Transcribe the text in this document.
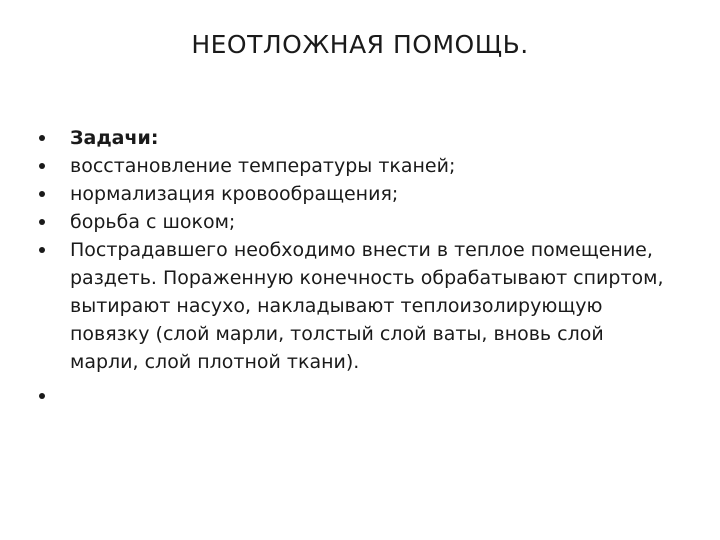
НЕОТЛОЖНАЯ ПОМОЩЬ.
Задачи:
восстановление температуры тканей;
нормализация кровообращения;
борьба с шоком;
Пострадавшего необходимо внести в теплое помещение, раздеть. Пораженную конечность обрабатывают спиртом, вытирают насухо, накладывают теплоизолирующую повязку (слой марли, толстый слой ваты, вновь слой марли, слой плотной ткани).
